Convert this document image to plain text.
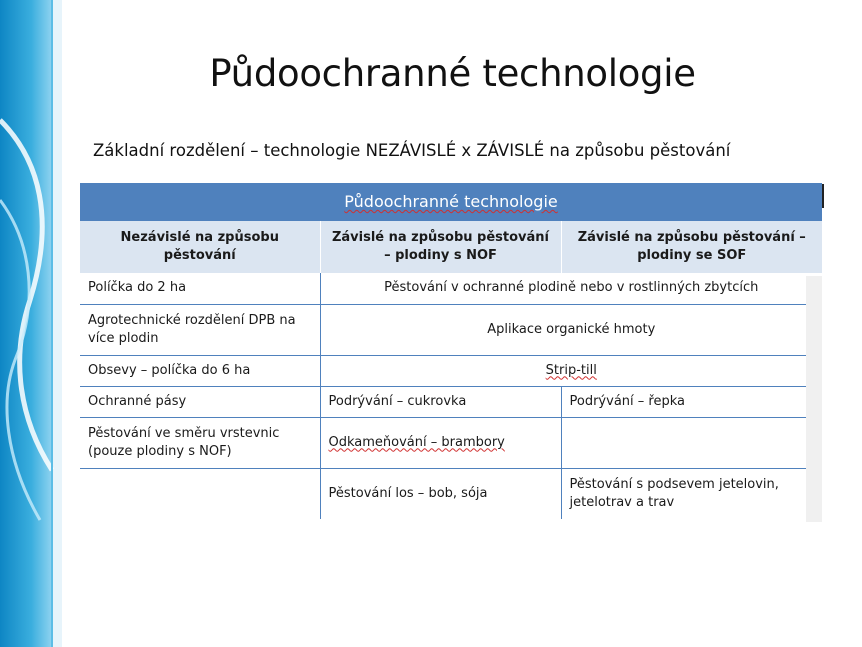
Půdoochranné technologie
Základní rozdělení – technologie NEZÁVISLÉ x ZÁVISLÉ na způsobu pěstování
Půdoochranné technologie		
Nezávislé na způsobu pěstování	Závislé na způsobu pěstování – plodiny s NOF	Závislé na způsobu pěstování – plodiny se SOF
Políčka do 2 ha	Pěstování v ochranné plodině nebo v rostlinných zbytcích	
Agrotechnické rozdělení DPB na více plodin	Aplikace organické hmoty	
Obsevy – políčka do 6 ha	Strip-till	
Ochranné pásy	Podrývání – cukrovka	Podrývání – řepka
Pěstování ve směru vrstevnic (pouze plodiny s NOF)	Odkameňování – brambory	
	Pěstování los – bob, sója	Pěstování s podsevem jetelovin, jetelotrav a trav
